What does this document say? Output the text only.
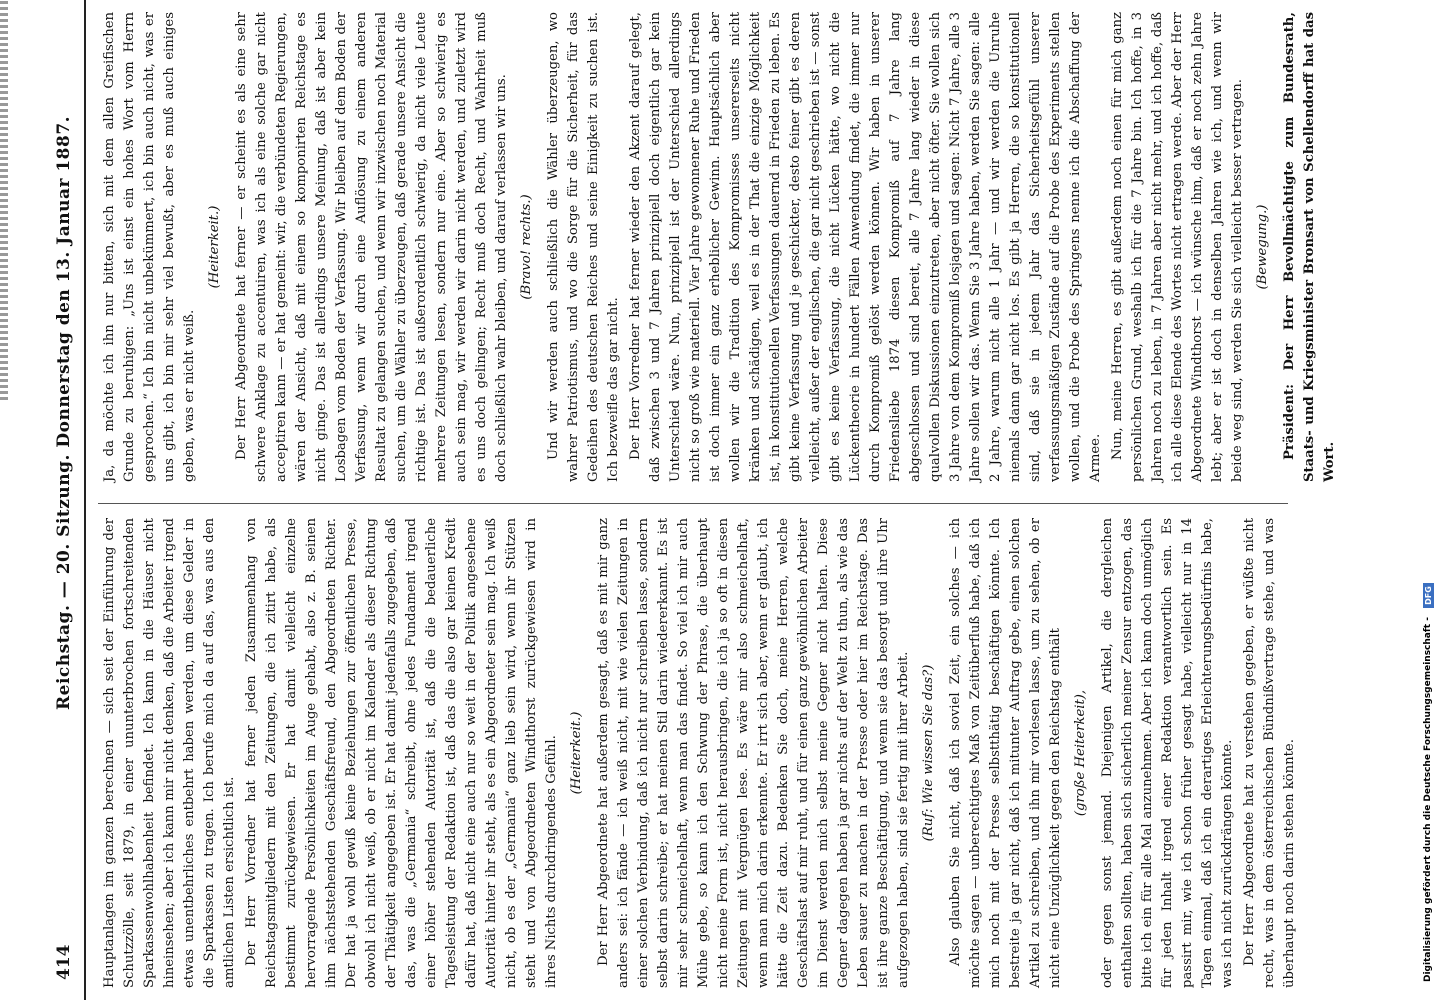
414
Reichstag. — 20. Sitzung. Donnerstag den 13. Januar 1887.

Hauptanlagen im ganzen berechnen — sich seit der Einführung der Schutzzölle, seit 1879, in einer ununterbrochen fortschreitenden Sparkassenwohlhabenheit befindet. Ich kann in die Häuser nicht hineinsehen; aber ich kann mir nicht denken, daß die Arbeiter irgend etwas unentbehrliches entbehrt haben werden, um diese Gelder in die Sparkassen zu tragen. Ich berufe mich da auf das, was aus den amtlichen Listen ersichtlich ist. Der Herr Vorredner hat ferner jeden Zusammenhang von Reichstagsmitgliedern mit den Zeitungen, die ich zitirt habe, als bestimmt zurückgewiesen. Er hat damit vielleicht einzelne hervorragende Persönlichkeiten im Auge gehabt, also z. B. seinen ihm nächststehenden Geschäftsfreund, den Abgeordneten Richter. Der hat ja wohl gewiß keine Beziehungen zur öffentlichen Presse, obwohl ich nicht weiß, ob er nicht im Kalender als dieser Richtung der Thätigkeit angegeben ist. Er hat damit jedenfalls zugegeben, daß das, was die „Germania“ schreibt, ohne jedes Fundament irgend einer höher stehenden Autorität ist, daß die die bedauerliche Tagesleistung der Redaktion ist, daß das die also gar keinen Kredit dafür hat, daß nicht eine auch nur so weit in der Politik angesehene Autorität hinter ihr steht, als es ein Abgeordneter sein mag. Ich weiß nicht, ob es der „Germania“ ganz lieb sein wird, wenn ihr Stützen steht und von Abgeordneten Windthorst zurückgewiesen wird in ihres Nichts durchdringendes Gefühl. (Heiterkeit.) Der Herr Abgeordnete hat außerdem gesagt, daß es mit mir ganz anders sei: ich fände — ich weiß nicht, mit wie vielen Zeitungen in einer solchen Verbindung, daß ich nicht nur schreiben lasse, sondern selbst darin schreibe; er hat meinen Stil darin wiedererkannt. Es ist mir sehr schmeichelhaft, wenn man das findet. So viel ich mir auch Mühe gebe, so kann ich den Schwung der Phrase, die überhaupt nicht meine Form ist, nicht herausbringen, die ich ja so oft in diesen Zeitungen mit Vergnügen lese. Es wäre mir also schmeichelhaft, wenn man mich darin erkennte. Er irrt sich aber, wenn er glaubt, ich hätte die Zeit dazu. Bedenken Sie doch, meine Herren, welche Geschäftslast auf mir ruht, und für einen ganz gewöhnlichen Arbeiter im Dienst werden mich selbst meine Gegner nicht halten. Diese Gegner dagegen haben ja gar nichts auf der Welt zu thun, als wie das Leben sauer zu machen in der Presse oder hier im Reichstage. Das ist ihre ganze Beschäftigung, und wenn sie das besorgt und ihre Uhr aufgezogen haben, sind sie fertig mit ihrer Arbeit. (Ruf: Wie wissen Sie das?) Also glauben Sie nicht, daß ich soviel Zeit, ein solches — ich möchte sagen — unberechtigtes Maß von Zeitüberfluß habe, daß ich mich noch mit der Presse selbstthätig beschäftigen könnte. Ich bestreite ja gar nicht, daß ich mitunter Auftrag gebe, einen solchen Artikel zu schreiben, und ihn mir vorlesen lasse, um zu sehen, ob er nicht eine Unzüglichkeit gegen den Reichstag enthält (große Heiterkeit), oder gegen sonst jemand. Diejenigen Artikel, die dergleichen enthalten sollten, haben sich sicherlich meiner Zensur entzogen, das bitte ich ein für alle Mal anzunehmen. Aber ich kann doch unmöglich für jeden Inhalt irgend einer Redaktion verantwortlich sein. Es passirt mir, wie ich schon früher gesagt habe, vielleicht nur in 14 Tagen einmal, daß ich ein derartiges Erleichterungsbedürfnis habe, was ich nicht zurückdrängen könnte. Der Herr Abgeordnete hat zu verstehen gegeben, er wüßte nicht recht, was in dem österreichischen Bündnißvertrage stehe, und was überhaupt noch darin stehen könnte.

Ja, da möchte ich ihn nur bitten, sich mit dem allen Greifischen Grunde zu beruhigen: „Uns ist einst ein hohes Wort vom Herrn gesprochen.“ Ich bin nicht unbekümmert, ich bin auch nicht, was er uns gibt, ich bin mir sehr viel bewußt, aber es muß auch einiges geben, was er nicht weiß.

(Heiterkeit.) Der Herr Abgeordnete hat ferner — er scheint es als eine sehr schwere Anklage zu accentuiren, was ich als eine solche gar nicht acceptiren kann — er hat gemeint: wir, die verbündeten Regierungen, wären der Ansicht, daß mit einem so komponirten Reichstage es nicht ginge. Das ist allerdings unsere Meinung, daß ist aber kein Losbagen vom Boden der Verfassung. Wir bleiben auf dem Boden der Verfassung, wenn wir durch eine Auflösung zu einem anderen Resultat zu gelangen suchen, und wenn wir inzwischen noch Material suchen, um die Wähler zu überzeugen, daß gerade unsere Ansicht die richtige ist. Das ist außerordentlich schwierig, da nicht viele Leute mehrere Zeitungen lesen, sondern nur eine. Aber so schwierig es auch sein mag, wir werden wir darin nicht werden, und zuletzt wird es uns doch gelingen; Recht muß doch Recht, und Wahrheit muß doch schließlich wahr bleiben, und darauf verlassen wir uns. (Bravo! rechts.) Und wir werden auch schließlich die Wähler überzeugen, wo wahrer Patriotismus, und wo die Sorge für die Sicherheit, für das Gedeihen des deutschen Reiches und seine Einigkeit zu suchen ist. Ich bezweifle das gar nicht. Der Herr Vorredner hat ferner wieder den Akzent darauf gelegt, daß zwischen 3 und 7 Jahren prinzipiell doch eigentlich gar kein Unterschied wäre. Nun, prinzipiell ist der Unterschied allerdings nicht so groß wie materiell. Vier Jahre gewonnener Ruhe und Frieden ist doch immer ein ganz erheblicher Gewinn. Hauptsächlich aber wollen wir die Tradition des Kompromisses unsererseits nicht kränken und schädigen, weil es in der That die einzige Möglichkeit ist, in konstitutionellen Verfassungen dauernd in Frieden zu leben. Es gibt keine Verfassung und je geschickter, desto feiner gibt es deren vielleicht, außer der englischen, die gar nicht geschrieben ist — sonst gibt es keine Verfassung, die nicht Lücken hätte, wo nicht die Lückentheorie in hundert Fällen Anwendung findet, die immer nur durch Kompromiß gelöst werden können. Wir haben in unserer Friedensliebe 1874 diesen Kompromiß auf 7 Jahre lang abgeschlossen und sind bereit, alle 7 Jahre lang wieder in diese qualvollen Diskussionen einzutreten, aber nicht öfter. Sie wollen sich 3 Jahre von dem Kompromiß losjagen und sagen: Nicht 7 Jahre, alle 3 Jahre sollen wir das. Wenn Sie 3 Jahre haben, werden Sie sagen: alle 2 Jahre, warum nicht alle 1 Jahr — und wir werden die Unruhe niemals dann gar nicht los. Es gibt ja Herren, die so konstitutionell sind, daß sie in jedem Jahr das Sicherheitsgefühl unserer verfassungsmäßigen Zustände auf die Probe des Experiments stellen wollen, und die Probe des Springens nenne ich die Abschaffung der Armee. Nun, meine Herren, es gibt außerdem noch einen für mich ganz persönlichen Grund, weshalb ich für die 7 Jahre bin. Ich hoffe, in 3 Jahren noch zu leben, in 7 Jahren aber nicht mehr, und ich hoffe, daß ich alle diese Elende des Wortes nicht ertragen werde. Aber der Herr Abgeordnete Windthorst — ich wünsche ihm, daß er noch zehn Jahre lebt; aber er ist doch in denselben Jahren wie ich, und wenn wir beide weg sind, werden Sie sich vielleicht besser vertragen. (Bewegung.) Präsident: Der Herr Bevollmächtigte zum Bundesrath, Staats- und Kriegsminister Bronsart von Schellendorff hat das Wort.

Digitalisierung gefördert durch die Deutsche Forschungsgemeinschaft - DFG
